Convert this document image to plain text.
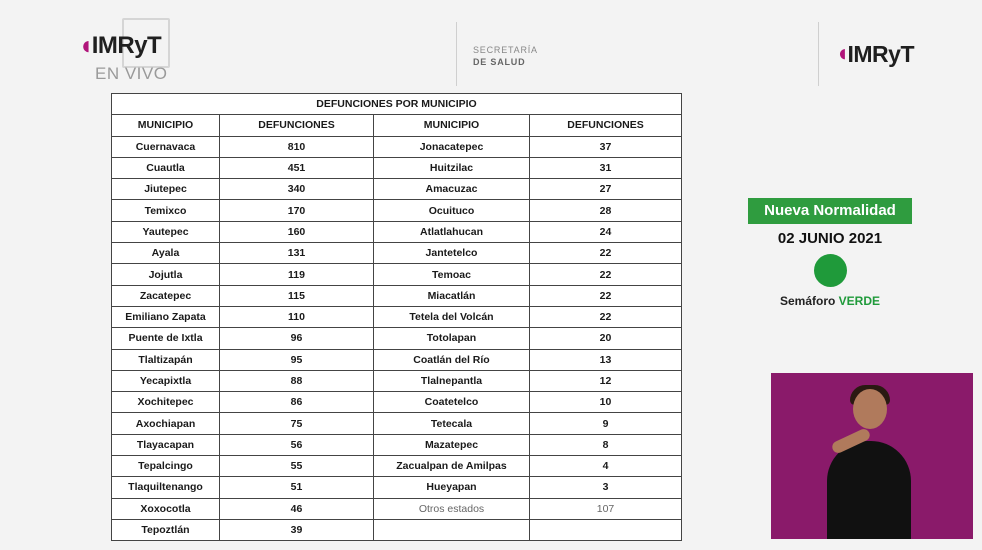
◖ IMRyT
EN VIVO
SECRETARÍA
DE SALUD	◖ IMRyT
DEFUNCIONES POR MUNICIPIO			
MUNICIPIO	DEFUNCIONES	MUNICIPIO	DEFUNCIONES
Cuernavaca	810	Jonacatepec	37
Cuautla	451	Huitzilac	31
Jiutepec	340	Amacuzac	27
Temixco	170	Ocuituco	28
Yautepec	160	Atlatlahucan	24
Ayala	131	Jantetelco	22
Jojutla	119	Temoac	22
Zacatepec	115	Miacatlán	22
Emiliano Zapata	110	Tetela del Volcán	22
Puente de Ixtla	96	Totolapan	20
Tlaltizapán	95	Coatlán del Río	13
Yecapixtla	88	Tlalnepantla	12
Xochitepec	86	Coatetelco	10
Axochiapan	75	Tetecala	9
Tlayacapan	56	Mazatepec	8
Tepalcingo	55	Zacualpan de Amilpas	4
Tlaquiltenango	51	Hueyapan	3
Xoxocotla	46	Otros estados	107
Tepoztlán	39		
Nueva Normalidad
02 JUNIO 2021
Semáforo VERDE
